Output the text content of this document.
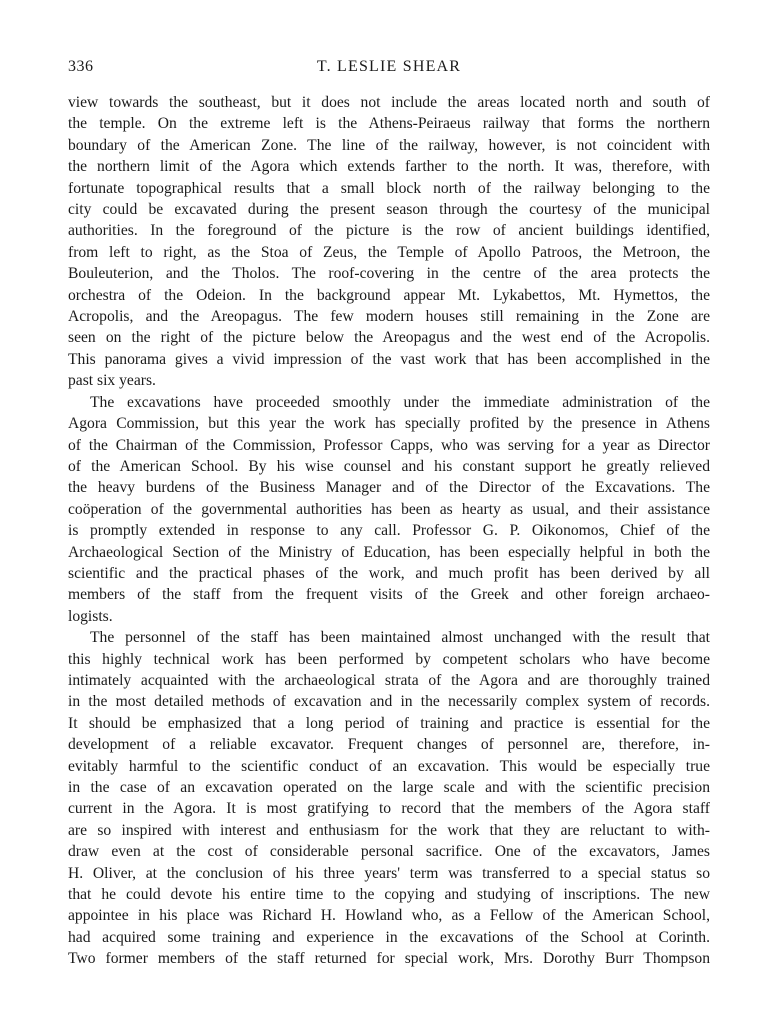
336	T. LESLIE SHEAR
view towards the southeast, but it does not include the areas located north and south of
the temple. On the extreme left is the Athens-Peiraeus railway that forms the northern
boundary of the American Zone. The line of the railway, however, is not coincident with
the northern limit of the Agora which extends farther to the north. It was, therefore, with
fortunate topographical results that a small block north of the railway belonging to the
city could be excavated during the present season through the courtesy of the municipal
authorities. In the foreground of the picture is the row of ancient buildings identified,
from left to right, as the Stoa of Zeus, the Temple of Apollo Patroos, the Metroon, the
Bouleuterion, and the Tholos. The roof-covering in the centre of the area protects the
orchestra of the Odeion. In the background appear Mt. Lykabettos, Mt. Hymettos, the
Acropolis, and the Areopagus. The few modern houses still remaining in the Zone are
seen on the right of the picture below the Areopagus and the west end of the Acropolis.
This panorama gives a vivid impression of the vast work that has been accomplished in the
past six years.
The excavations have proceeded smoothly under the immediate administration of the
Agora Commission, but this year the work has specially profited by the presence in Athens
of the Chairman of the Commission, Professor Capps, who was serving for a year as Director
of the American School. By his wise counsel and his constant support he greatly relieved
the heavy burdens of the Business Manager and of the Director of the Excavations. The
coöperation of the governmental authorities has been as hearty as usual, and their assistance
is promptly extended in response to any call. Professor G. P. Oikonomos, Chief of the
Archaeological Section of the Ministry of Education, has been especially helpful in both the
scientific and the practical phases of the work, and much profit has been derived by all
members of the staff from the frequent visits of the Greek and other foreign archaeo-
logists.
The personnel of the staff has been maintained almost unchanged with the result that
this highly technical work has been performed by competent scholars who have become
intimately acquainted with the archaeological strata of the Agora and are thoroughly trained
in the most detailed methods of excavation and in the necessarily complex system of records.
It should be emphasized that a long period of training and practice is essential for the
development of a reliable excavator. Frequent changes of personnel are, therefore, in-
evitably harmful to the scientific conduct of an excavation. This would be especially true
in the case of an excavation operated on the large scale and with the scientific precision
current in the Agora. It is most gratifying to record that the members of the Agora staff
are so inspired with interest and enthusiasm for the work that they are reluctant to with-
draw even at the cost of considerable personal sacrifice. One of the excavators, James
H. Oliver, at the conclusion of his three years' term was transferred to a special status so
that he could devote his entire time to the copying and studying of inscriptions. The new
appointee in his place was Richard H. Howland who, as a Fellow of the American School,
had acquired some training and experience in the excavations of the School at Corinth.
Two former members of the staff returned for special work, Mrs. Dorothy Burr Thompson
